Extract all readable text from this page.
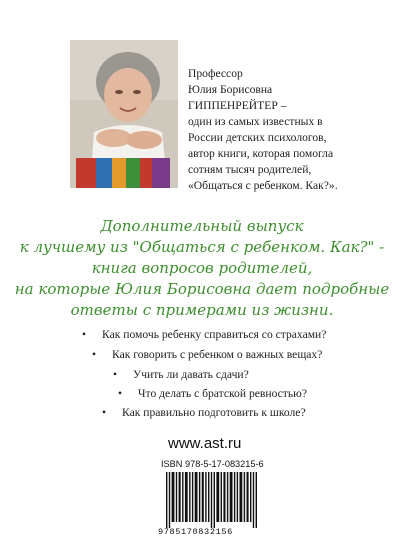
Профессор
Юлия Борисовна
ГИППЕНРЕЙТЕР –
один из самых известных в
России детских психологов,
автор книги, которая помогла
сотням тысяч родителей,
«Общаться с ребенком. Как?».
Дополнительный выпуск
к лучшему из "Общаться с ребенком. Как?" -
книга вопросов родителей,
на которые Юлия Борисовна дает подробные
ответы с примерами из жизни.
• Как помочь ребенку справиться со страхами?
• Как говорить с ребенком о важных вещах?
• Учить ли давать сдачи?
• Что делать с братской ревностью?
• Как правильно подготовить к школе?
www.ast.ru
ISBN 978-5-17-083215-6
9785170832156
